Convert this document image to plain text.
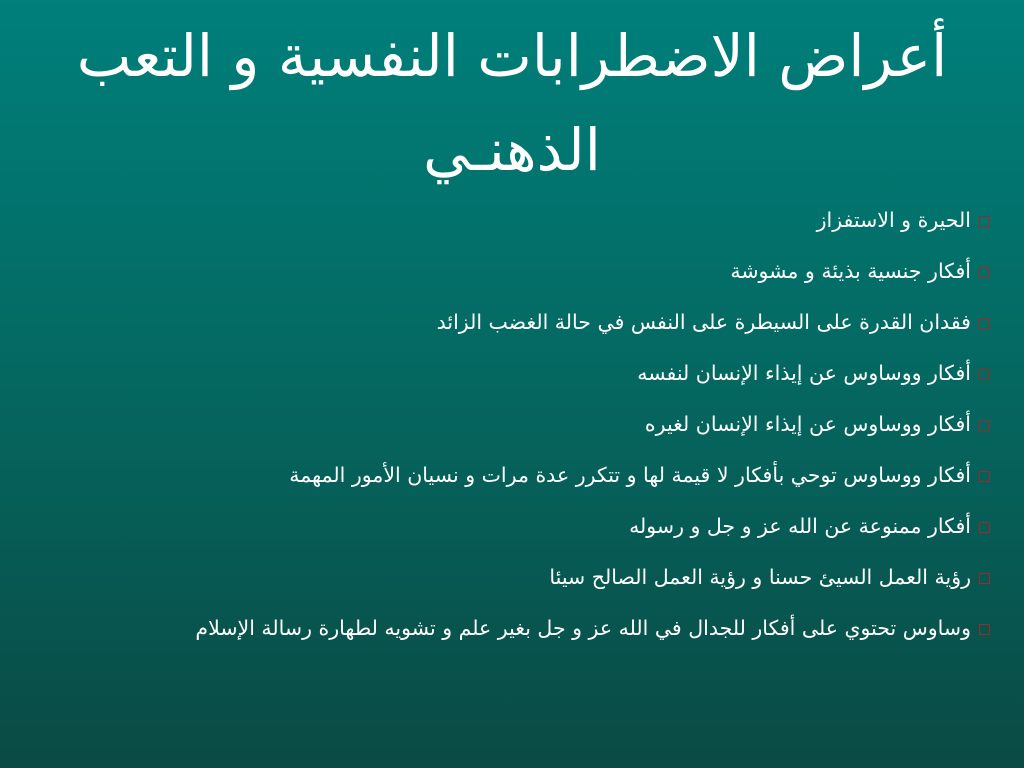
أعراض الاضطرابات النفسية و التعب الذهنـي
الحيرة و الاستفزاز
أفكار جنسية بذيئة و مشوشة
فقدان القدرة على السيطرة على النفس في حالة الغضب الزائد
أفكار ووساوس عن إيذاء الإنسان لنفسه
أفكار ووساوس عن إيذاء الإنسان لغيره
أفكار ووساوس توحي بأفكار لا قيمة لها و تتكرر عدة مرات و نسيان الأمور المهمة
أفكار ممنوعة عن الله عز و جل و رسوله
رؤية العمل السيئ حسنا و رؤية العمل الصالح سيئا
وساوس تحتوي على أفكار للجدال في الله عز و جل بغير علم و تشويه لطهارة رسالة الإسلام
